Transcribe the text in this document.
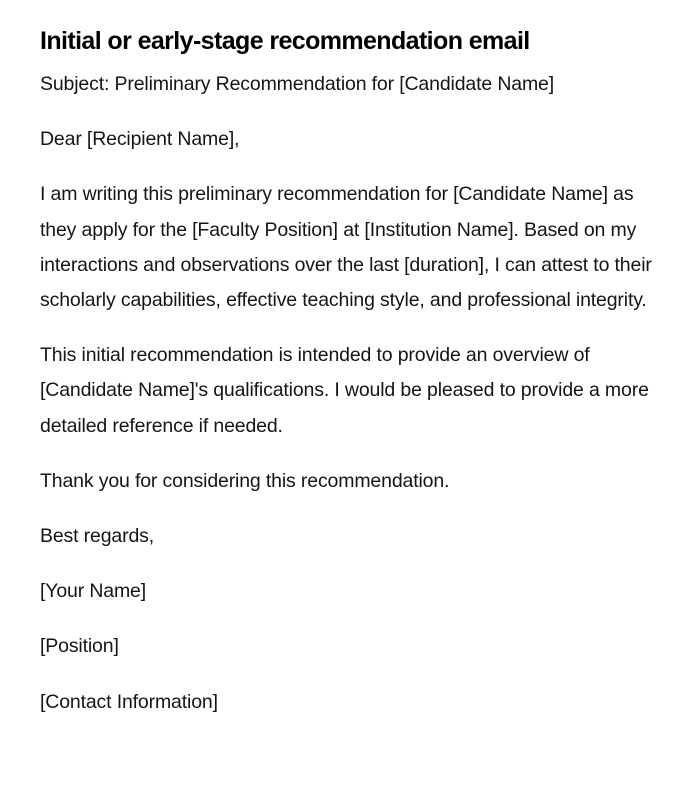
Initial or early-stage recommendation email

Subject: Preliminary Recommendation for [Candidate Name]

Dear [Recipient Name],

I am writing this preliminary recommendation for [Candidate Name] as they apply for the [Faculty Position] at [Institution Name]. Based on my interactions and observations over the last [duration], I can attest to their scholarly capabilities, effective teaching style, and professional integrity.

This initial recommendation is intended to provide an overview of [Candidate Name]'s qualifications. I would be pleased to provide a more detailed reference if needed.

Thank you for considering this recommendation.

Best regards,

[Your Name]

[Position]

[Contact Information]
